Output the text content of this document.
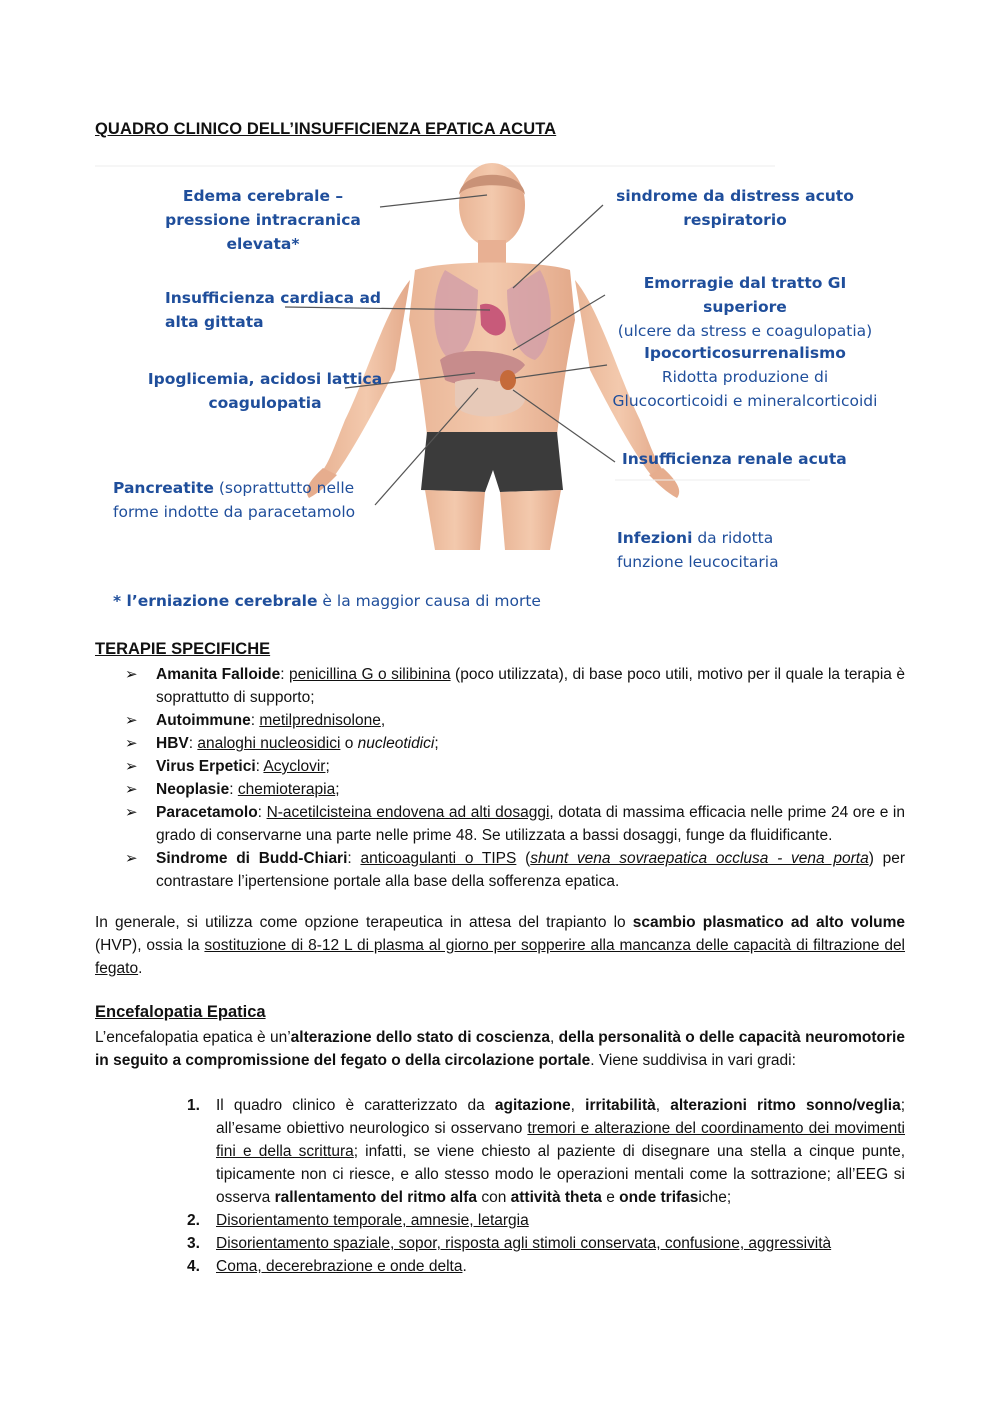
QUADRO CLINICO DELL’INSUFFICIENZA EPATICA ACUTA
Edema cerebrale –
pressione intracranica elevata*
sindrome da distress acuto
respiratorio
Insufficienza cardiaca ad
alta gittata
Emorragie dal tratto GI superiore
(ulcere da stress e coagulopatia)
Ipoglicemia, acidosi lattica
coagulopatia
Ipocorticosurrenalismo
Ridotta produzione di
Glucocorticoidi e mineralcorticoidi
Insufficienza renale acuta
Pancreatite (soprattutto nelle
forme indotte da paracetamolo
Infezioni da ridotta
funzione leucocitaria
* l’erniazione cerebrale è la maggior causa di morte
TERAPIE SPECIFICHE
➢ Amanita Falloide: penicillina G o silibinina (poco utilizzata), di base poco utili, motivo per il quale la terapia è soprattutto di supporto;
➢ Autoimmune: metilprednisolone,
➢ HBV: analoghi nucleosidici o nucleotidici;
➢ Virus Erpetici: Acyclovir;
➢ Neoplasie: chemioterapia;
➢ Paracetamolo: N-acetilcisteina endovena ad alti dosaggi, dotata di massima efficacia nelle prime 24 ore e in grado di conservarne una parte nelle prime 48. Se utilizzata a bassi dosaggi, funge da fluidificante.
➢ Sindrome di Budd-Chiari: anticoagulanti o TIPS (shunt vena sovraepatica occlusa - vena porta) per contrastare l’ipertensione portale alla base della sofferenza epatica.

In generale, si utilizza come opzione terapeutica in attesa del trapianto lo scambio plasmatico ad alto volume (HVP), ossia la sostituzione di 8-12 L di plasma al giorno per sopperire alla mancanza delle capacità di filtrazione del fegato.

Encefalopatia Epatica

L’encefalopatia epatica è un’alterazione dello stato di coscienza, della personalità o delle capacità neuromotorie in seguito a compromissione del fegato o della circolazione portale. Viene suddivisa in vari gradi:

1. Il quadro clinico è caratterizzato da agitazione, irritabilità, alterazioni ritmo sonno/veglia; all’esame obiettivo neurologico si osservano tremori e alterazione del coordinamento dei movimenti fini e della scrittura; infatti, se viene chiesto al paziente di disegnare una stella a cinque punte, tipicamente non ci riesce, e allo stesso modo le operazioni mentali come la sottrazione; all’EEG si osserva rallentamento del ritmo alfa con attività theta e onde trifasiche;
2. Disorientamento temporale, amnesie, letargia
3. Disorientamento spaziale, sopor, risposta agli stimoli conservata, confusione, aggressività
4. Coma, decerebrazione e onde delta.
